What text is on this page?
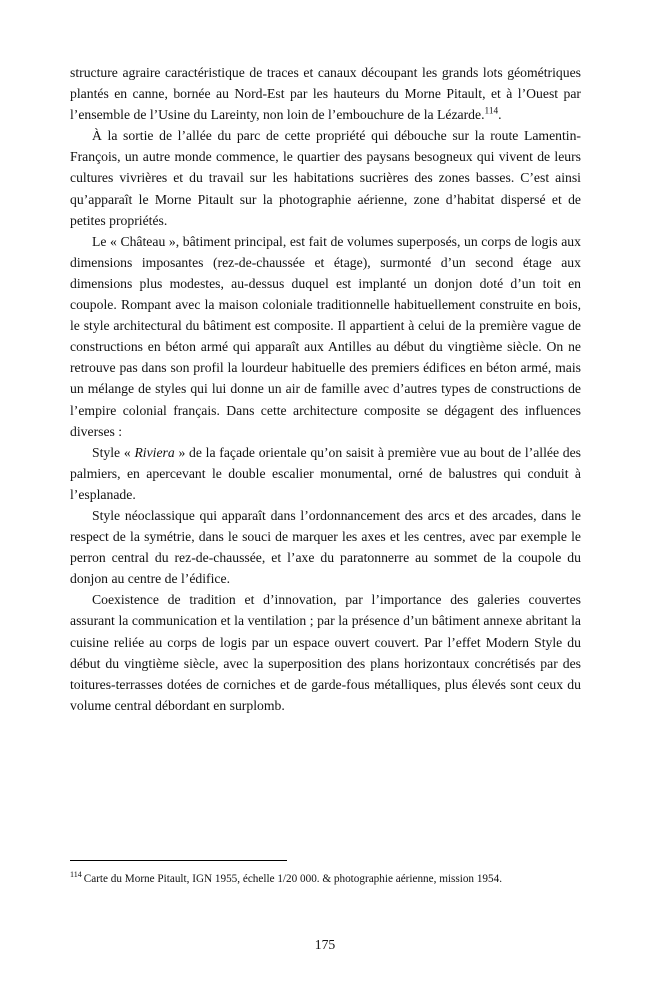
structure agraire caractéristique de traces et canaux découpant les grands lots géométriques plantés en canne, bornée au Nord-Est par les hauteurs du Morne Pitault, et à l’Ouest par l’ensemble de l’Usine du Lareinty, non loin de l’embouchure de la Lézarde.$^{114}$.

À la sortie de l’allée du parc de cette propriété qui débouche sur la route Lamentin-François, un autre monde commence, le quartier des paysans besogneux qui vivent de leurs cultures vivrières et du travail sur les habitations sucrières des zones basses. C’est ainsi qu’apparaît le Morne Pitault sur la photographie aérienne, zone d’habitat dispersé et de petites propriétés.

Le « Château », bâtiment principal, est fait de volumes superposés, un corps de logis aux dimensions imposantes (rez-de-chaussée et étage), surmonté d’un second étage aux dimensions plus modestes, au-dessus duquel est implanté un donjon doté d’un toit en coupole. Rompant avec la maison coloniale traditionnelle habituellement construite en bois, le style architectural du bâtiment est composite. Il appartient à celui de la première vague de constructions en béton armé qui apparaît aux Antilles au début du vingtième siècle. On ne retrouve pas dans son profil la lourdeur habituelle des premiers édifices en béton armé, mais un mélange de styles qui lui donne un air de famille avec d’autres types de constructions de l’empire colonial français. Dans cette architecture composite se dégagent des influences diverses :

Style « Riviera » de la façade orientale qu’on saisit à première vue au bout de l’allée des palmiers, en apercevant le double escalier monumental, orné de balustres qui conduit à l’esplanade.

Style néoclassique qui apparaît dans l’ordonnancement des arcs et des arcades, dans le respect de la symétrie, dans le souci de marquer les axes et les centres, avec par exemple le perron central du rez-de-chaussée, et l’axe du paratonnerre au sommet de la coupole du donjon au centre de l’édifice.

Coexistence de tradition et d’innovation, par l’importance des galeries couvertes assurant la communication et la ventilation ; par la présence d’un bâtiment annexe abritant la cuisine reliée au corps de logis par un espace ouvert couvert. Par l’effet Modern Style du début du vingtième siècle, avec la superposition des plans horizontaux concrétisés par des toitures-terrasses dotées de corniches et de garde-fous métalliques, plus élevés sont ceux du volume central débordant en surplomb.

$^{114}$ Carte du Morne Pitault, IGN 1955, échelle 1/20 000. & photographie aérienne, mission 1954.

175
